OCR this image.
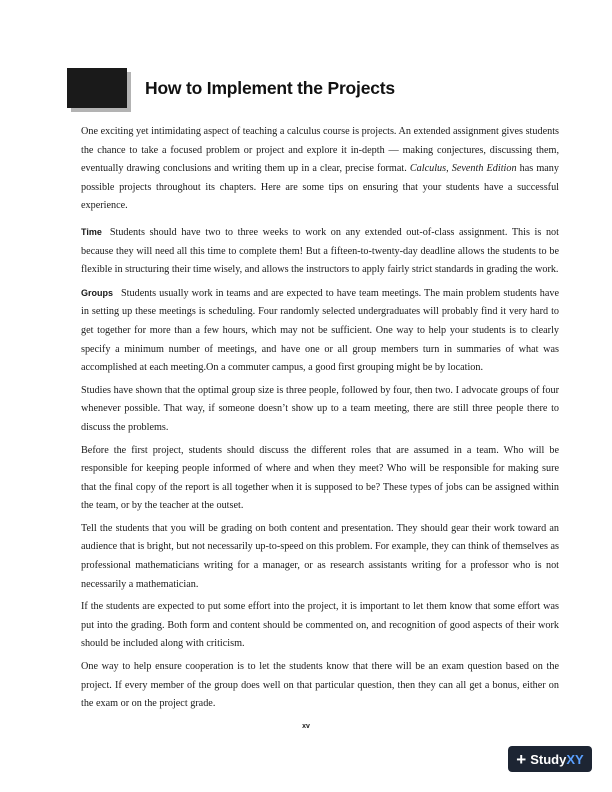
How to Implement the Projects

One exciting yet intimidating aspect of teaching a calculus course is projects. An extended assignment gives students the chance to take a focused problem or project and explore it in-depth — making conjectures, discussing them, eventually drawing conclusions and writing them up in a clear, precise format. Calculus, Seventh Edition has many possible projects throughout its chapters. Here are some tips on ensuring that your students have a successful experience.

Time Students should have two to three weeks to work on any extended out-of-class assignment. This is not because they will need all this time to complete them! But a fifteen-to-twenty-day deadline allows the students to be flexible in structuring their time wisely, and allows the instructors to apply fairly strict standards in grading the work.

Groups Students usually work in teams and are expected to have team meetings. The main problem students have in setting up these meetings is scheduling. Four randomly selected undergraduates will probably find it very hard to get together for more than a few hours, which may not be sufficient. One way to help your students is to clearly specify a minimum number of meetings, and have one or all group members turn in summaries of what was accomplished at each meeting.On a commuter campus, a good first grouping might be by location.

Studies have shown that the optimal group size is three people, followed by four, then two. I advocate groups of four whenever possible. That way, if someone doesn’t show up to a team meeting, there are still three people there to discuss the problems.

Before the first project, students should discuss the different roles that are assumed in a team. Who will be responsible for keeping people informed of where and when they meet? Who will be responsible for making sure that the final copy of the report is all together when it is supposed to be? These types of jobs can be assigned within the team, or by the teacher at the outset.

Tell the students that you will be grading on both content and presentation. They should gear their work toward an audience that is bright, but not necessarily up-to-speed on this problem. For example, they can think of themselves as professional mathematicians writing for a manager, or as research assistants writing for a professor who is not necessarily a mathematician.

If the students are expected to put some effort into the project, it is important to let them know that some effort was put into the grading. Both form and content should be commented on, and recognition of good aspects of their work should be included along with criticism.

One way to help ensure cooperation is to let the students know that there will be an exam question based on the project. If every member of the group does well on that particular question, then they can all get a bonus, either on the exam or on the project grade.

xv
+ Study XY
